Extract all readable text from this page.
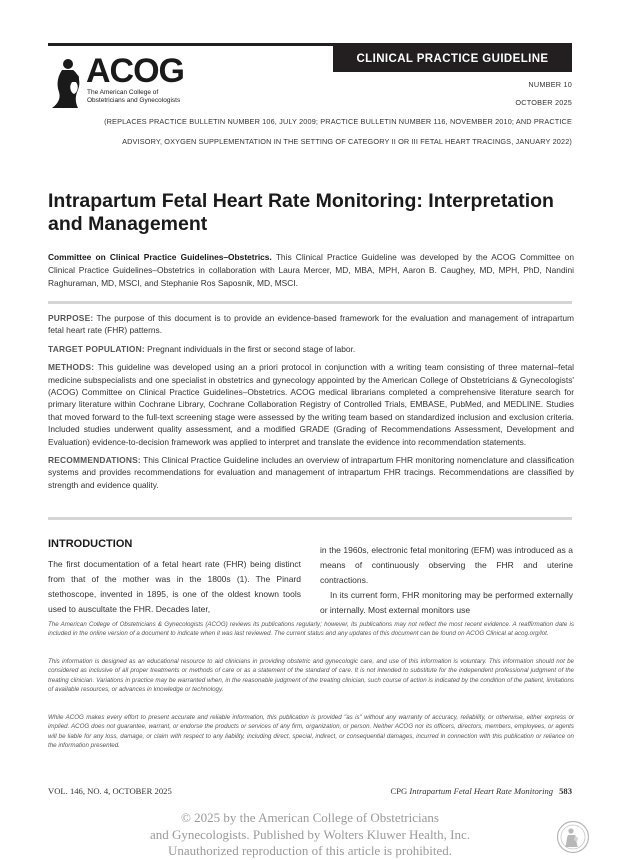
CLINICAL PRACTICE GUIDELINE
ACOG
The American College of
Obstetricians and Gynecologists
NUMBER 10
OCTOBER 2025
(REPLACES PRACTICE BULLETIN NUMBER 106, JULY 2009; PRACTICE BULLETIN NUMBER 116, NOVEMBER 2010; AND PRACTICE ADVISORY, OXYGEN SUPPLEMENTATION IN THE SETTING OF CATEGORY II OR III FETAL HEART TRACINGS, JANUARY 2022)
Intrapartum Fetal Heart Rate Monitoring: Interpretation and Management
Committee on Clinical Practice Guidelines–Obstetrics. This Clinical Practice Guideline was developed by the ACOG Committee on Clinical Practice Guidelines–Obstetrics in collaboration with Laura Mercer, MD, MBA, MPH, Aaron B. Caughey, MD, MPH, PhD, Nandini Raghuraman, MD, MSCI, and Stephanie Ros Saposnik, MD, MSCI.

PURPOSE: The purpose of this document is to provide an evidence-based framework for the evaluation and management of intrapartum fetal heart rate (FHR) patterns.

TARGET POPULATION: Pregnant individuals in the first or second stage of labor.

METHODS: This guideline was developed using an a priori protocol in conjunction with a writing team consisting of three maternal–fetal medicine subspecialists and one specialist in obstetrics and gynecology appointed by the American College of Obstetricians & Gynecologists' (ACOG) Committee on Clinical Practice Guidelines–Obstetrics. ACOG medical librarians completed a comprehensive literature search for primary literature within Cochrane Library, Cochrane Collaboration Registry of Controlled Trials, EMBASE, PubMed, and MEDLINE. Studies that moved forward to the full-text screening stage were assessed by the writing team based on standardized inclusion and exclusion criteria. Included studies underwent quality assessment, and a modified GRADE (Grading of Recommendations Assessment, Development and Evaluation) evidence-to-decision framework was applied to interpret and translate the evidence into recommendation statements.

RECOMMENDATIONS: This Clinical Practice Guideline includes an overview of intrapartum FHR monitoring nomenclature and classification systems and provides recommendations for evaluation and management of intrapartum FHR tracings. Recommendations are classified by strength and evidence quality.

INTRODUCTION

The first documentation of a fetal heart rate (FHR) being distinct from that of the mother was in the 1800s (1). The Pinard stethoscope, invented in 1895, is one of the oldest known tools used to auscultate the FHR. Decades later,

in the 1960s, electronic fetal monitoring (EFM) was introduced as a means of continuously observing the FHR and uterine contractions.

In its current form, FHR monitoring may be performed externally or internally. Most external monitors use

The American College of Obstetricians & Gynecologists (ACOG) reviews its publications regularly; however, its publications may not reflect the most recent evidence. A reaffirmation date is included in the online version of a document to indicate when it was last reviewed. The current status and any updates of this document can be found on ACOG Clinical at acog.org/lot.

This information is designed as an educational resource to aid clinicians in providing obstetric and gynecologic care, and use of this information is voluntary. This information should not be considered as inclusive of all proper treatments or methods of care or as a statement of the standard of care. It is not intended to substitute for the independent professional judgment of the treating clinician. Variations in practice may be warranted when, in the reasonable judgment of the treating clinician, such course of action is indicated by the condition of the patient, limitations of available resources, or advances in knowledge or technology.

While ACOG makes every effort to present accurate and reliable information, this publication is provided "as is" without any warranty of accuracy, reliability, or otherwise, either express or implied. ACOG does not guarantee, warrant, or endorse the products or services of any firm, organization, or person. Neither ACOG nor its officers, directors, members, employees, or agents will be liable for any loss, damage, or claim with respect to any liability, including direct, special, indirect, or consequential damages, incurred in connection with this publication or reliance on the information presented.

VOL. 146, NO. 4, OCTOBER 2025	CPG Intrapartum Fetal Heart Rate Monitoring 583
© 2025 by the American College of Obstetricians
and Gynecologists. Published by Wolters Kluwer Health, Inc.
Unauthorized reproduction of this article is prohibited.
